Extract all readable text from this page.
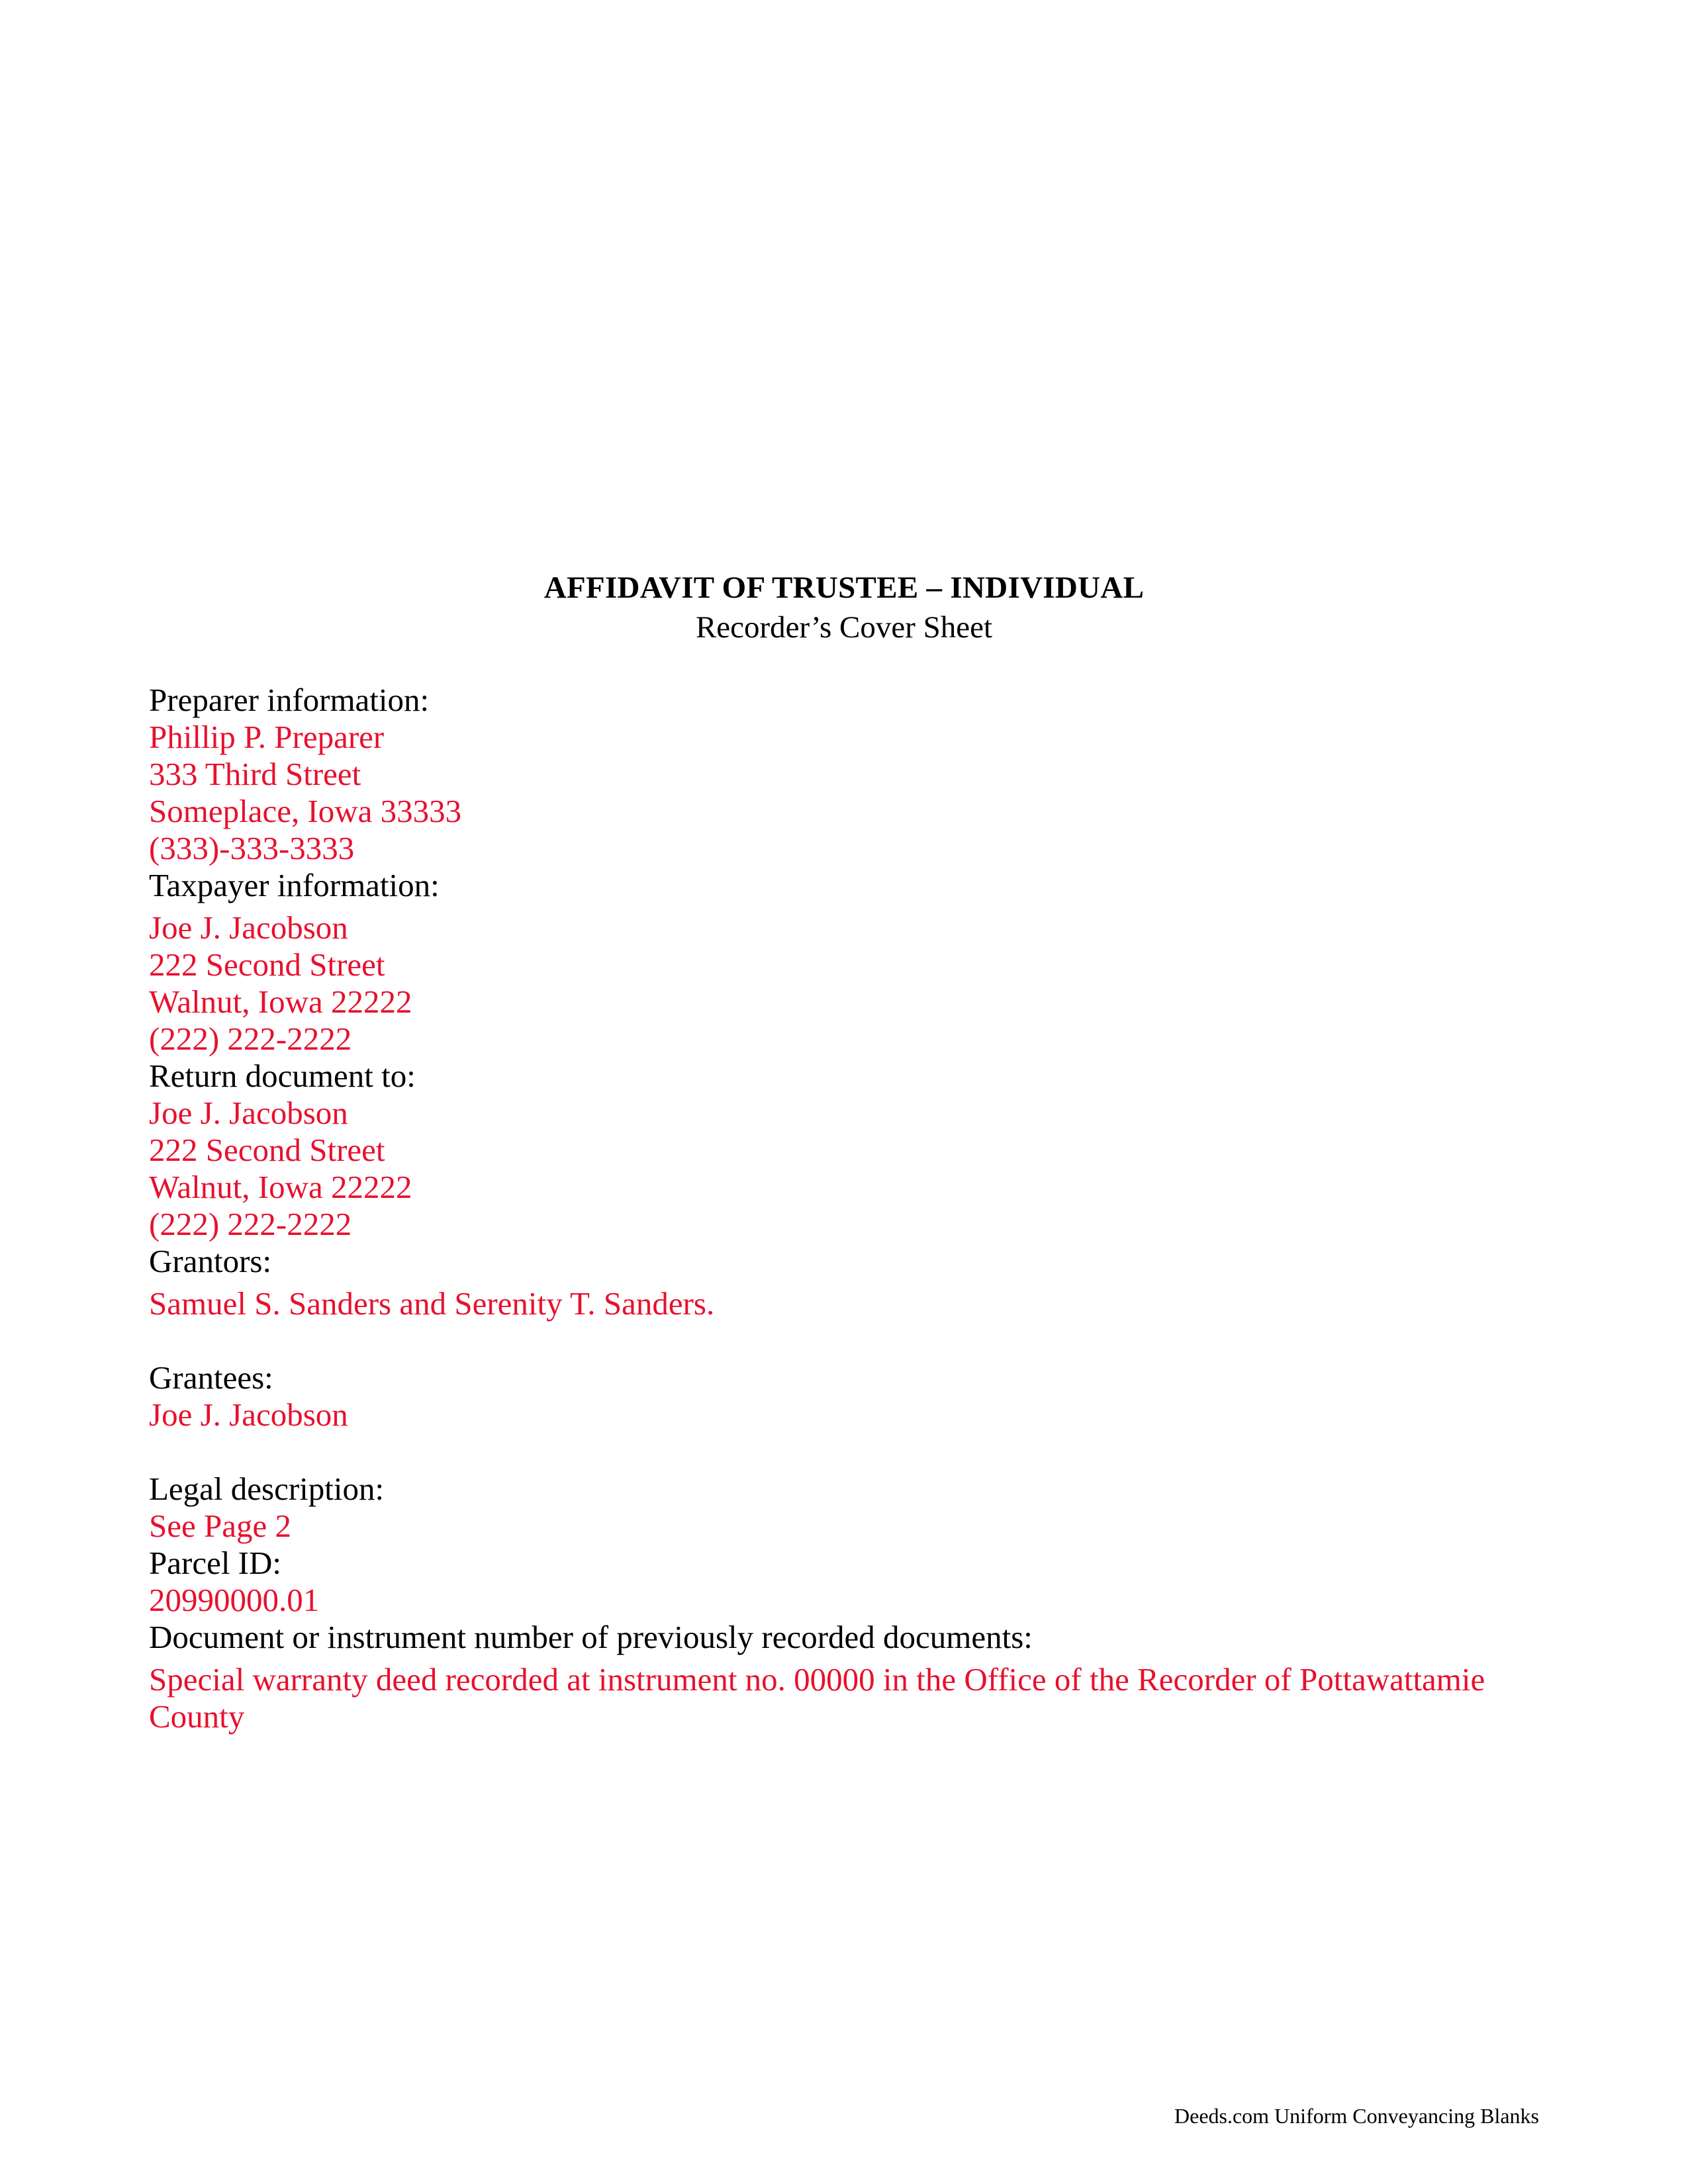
AFFIDAVIT OF TRUSTEE – INDIVIDUAL
Recorder’s Cover Sheet

Preparer information:

Phillip P. Preparer

333 Third Street

Someplace, Iowa 33333

(333)-333-3333

Taxpayer information:

Joe J. Jacobson

222 Second Street

Walnut, Iowa 22222

(222) 222-2222

Return document to:

Joe J. Jacobson

222 Second Street

Walnut, Iowa 22222

(222) 222-2222

Grantors:

Samuel S. Sanders and Serenity T. Sanders.

Grantees:

Joe J. Jacobson

Legal description:

See Page 2

Parcel ID:

20990000.01

Document or instrument number of previously recorded documents:

Special warranty deed recorded at instrument no. 00000 in the Office of the Recorder of Pottawattamie County

Deeds.com Uniform Conveyancing Blanks
